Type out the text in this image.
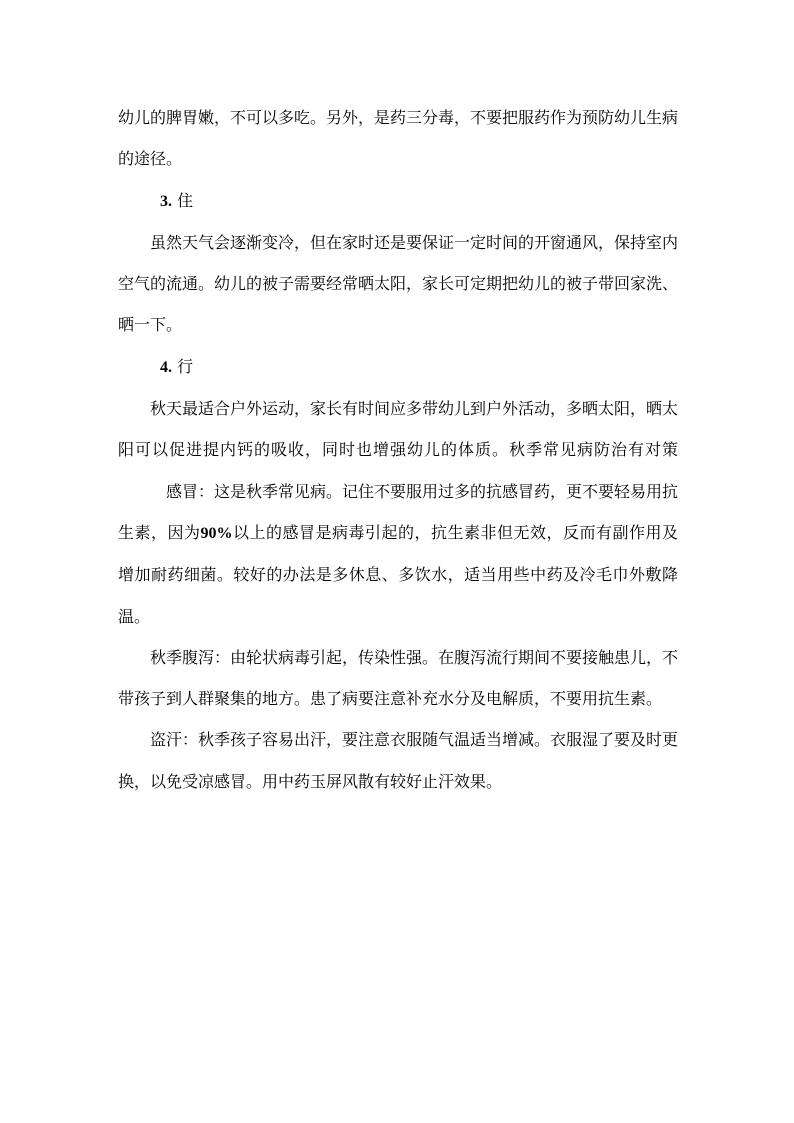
幼儿的脾胃嫩，不可以多吃。另外，是药三分毒，不要把服药作为预防幼儿生病的途径。

3. 住

虽然天气会逐渐变冷，但在家时还是要保证一定时间的开窗通风，保持室内空气的流通。幼儿的被子需要经常晒太阳，家长可定期把幼儿的被子带回家洗、晒一下。

4. 行

秋天最适合户外运动，家长有时间应多带幼儿到户外活动，多晒太阳，晒太阳可以促进提内钙的吸收，同时也增强幼儿的体质。秋季常见病防治有对策感冒：这是秋季常见病。记住不要服用过多的抗感冒药，更不要轻易用抗生素，因为90%以上的感冒是病毒引起的，抗生素非但无效，反而有副作用及增加耐药细菌。较好的办法是多休息、多饮水，适当用些中药及冷毛巾外敷降温。

秋季腹泻：由轮状病毒引起，传染性强。在腹泻流行期间不要接触患儿，不带孩子到人群聚集的地方。患了病要注意补充水分及电解质，不要用抗生素。

盗汗：秋季孩子容易出汗，要注意衣服随气温适当增减。衣服湿了要及时更换，以免受凉感冒。用中药玉屏风散有较好止汗效果。
